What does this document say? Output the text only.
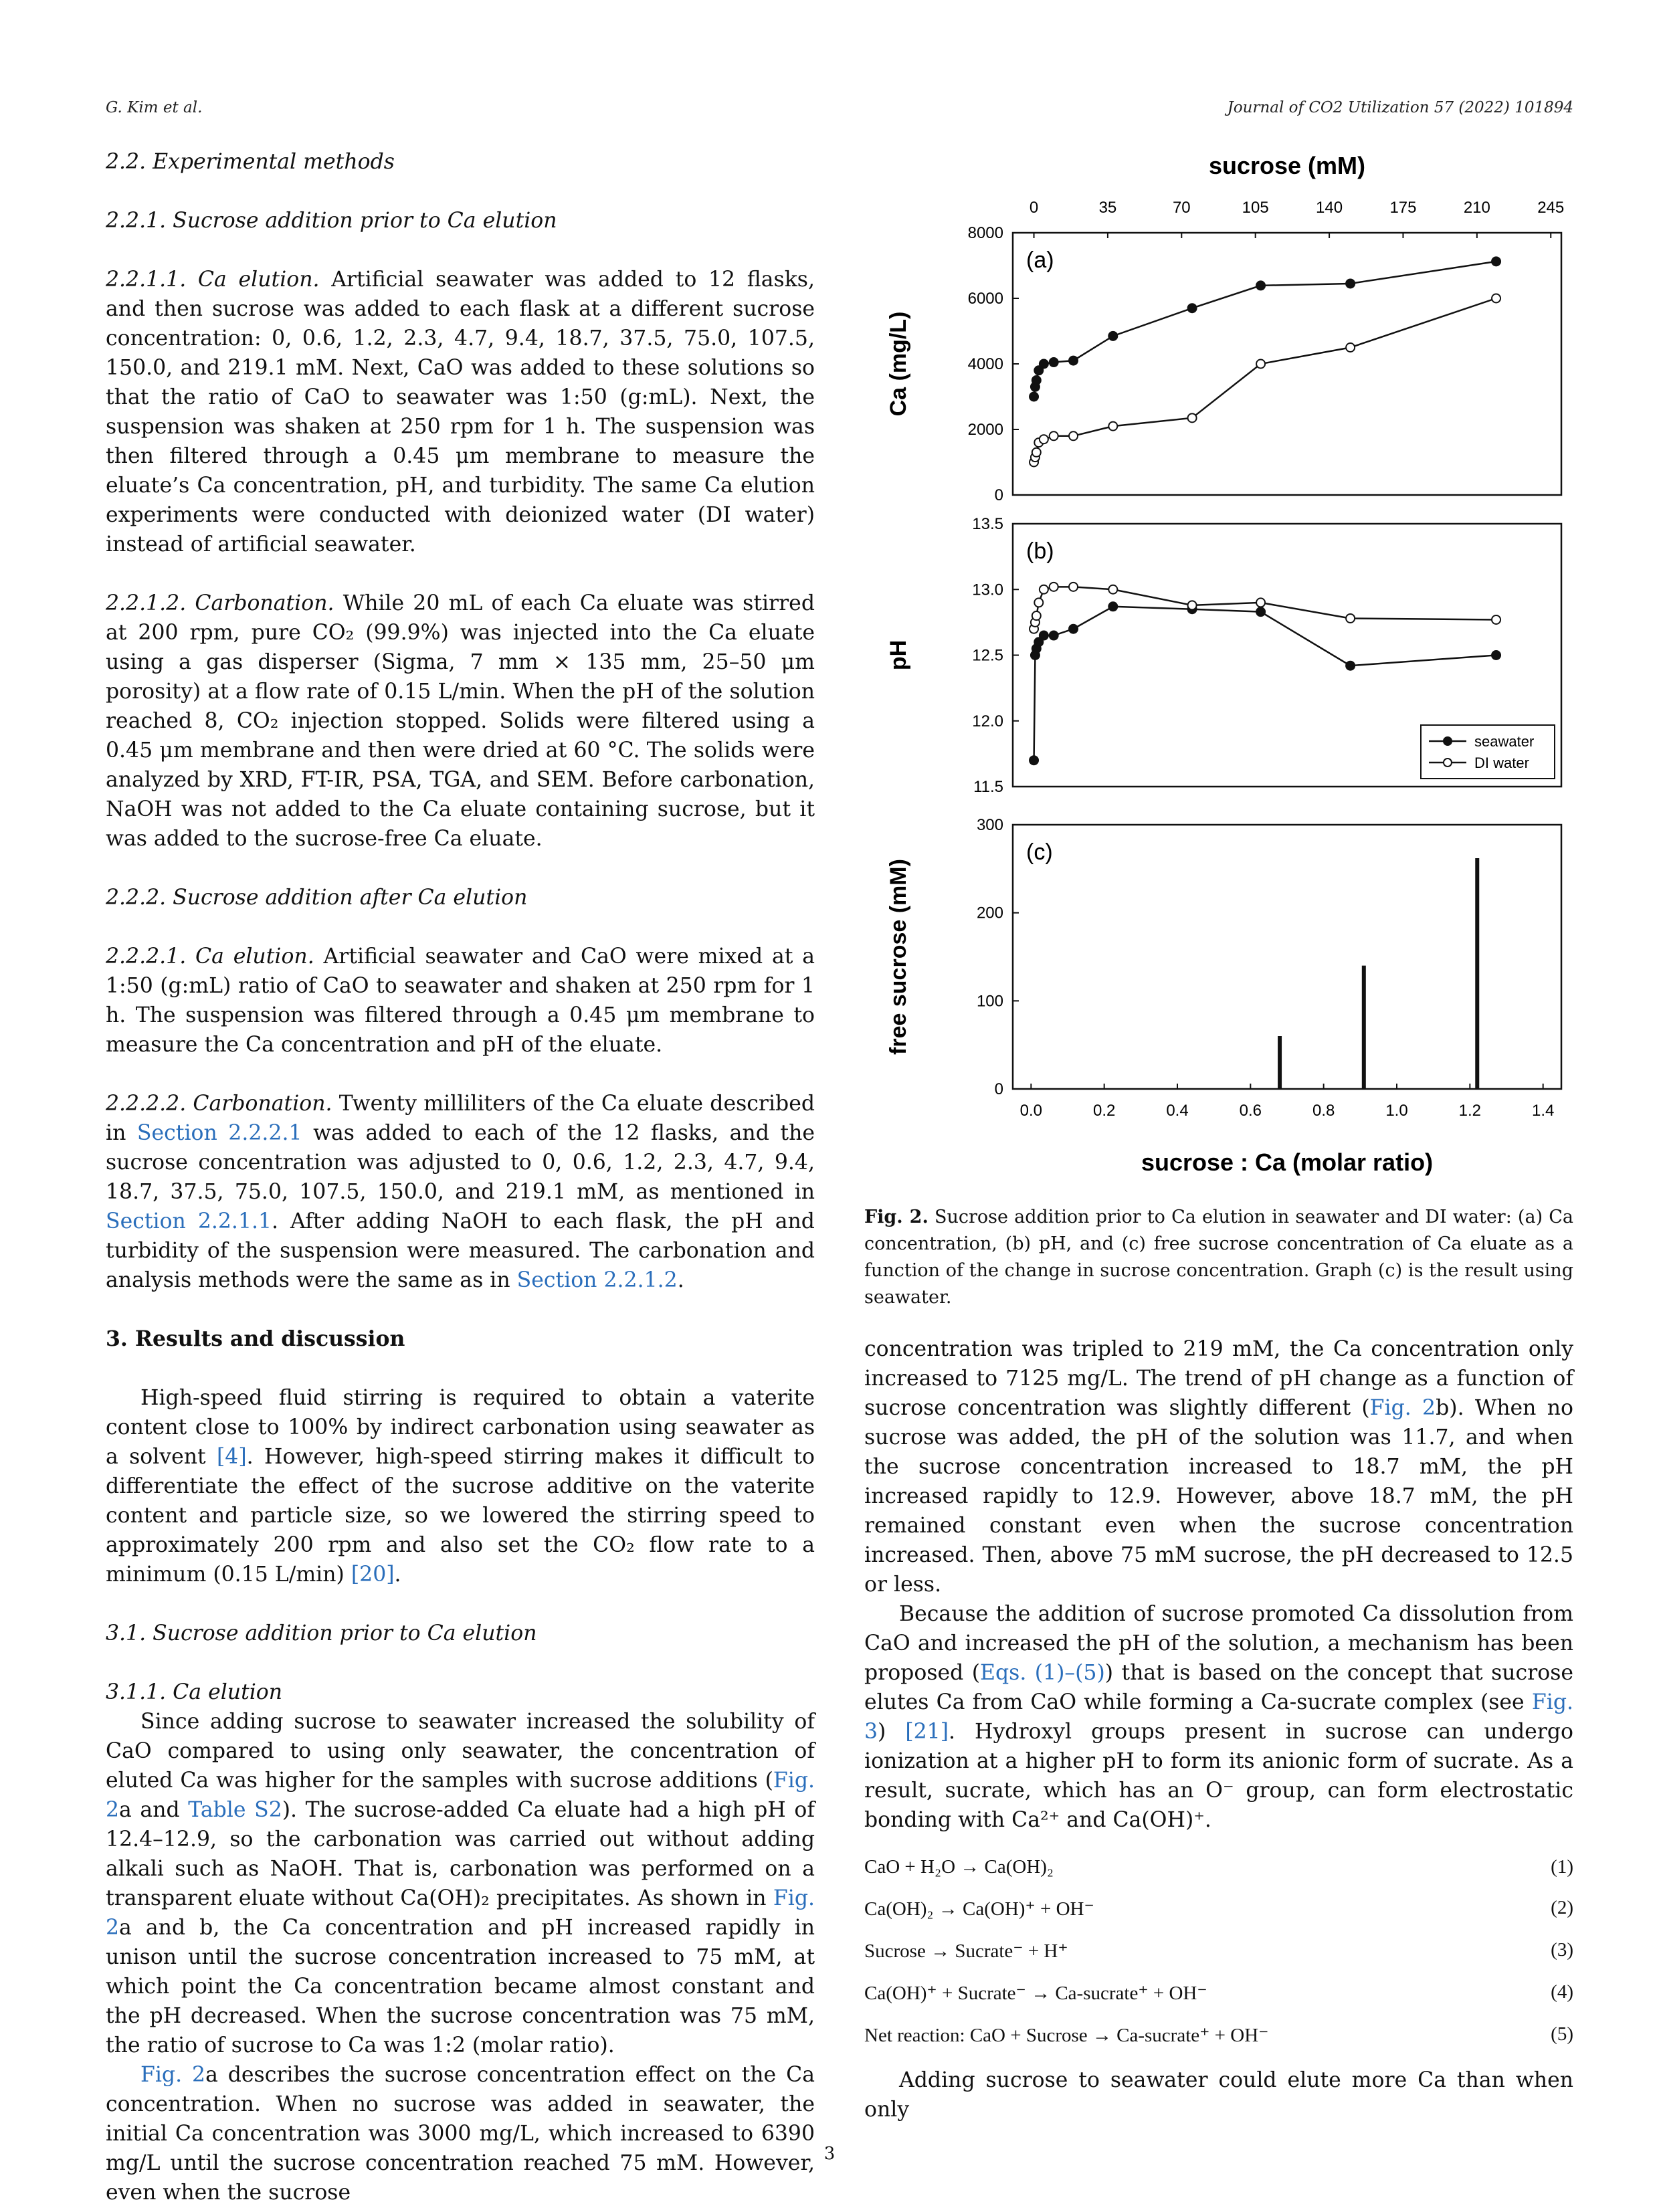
G. Kim et al.	Journal of CO2 Utilization 57 (2022) 101894

2.2. Experimental methods

2.2.1. Sucrose addition prior to Ca elution

2.2.1.1. Ca elution. Artificial seawater was added to 12 flasks, and then sucrose was added to each flask at a different sucrose concentration: 0, 0.6, 1.2, 2.3, 4.7, 9.4, 18.7, 37.5, 75.0, 107.5, 150.0, and 219.1 mM. Next, CaO was added to these solutions so that the ratio of CaO to seawater was 1:50 (g:mL). Next, the suspension was shaken at 250 rpm for 1 h. The suspension was then filtered through a 0.45 μm membrane to measure the eluate’s Ca concentration, pH, and turbidity. The same Ca elution experiments were conducted with deionized water (DI water) instead of artificial seawater.

2.2.1.2. Carbonation. While 20 mL of each Ca eluate was stirred at 200 rpm, pure CO₂ (99.9%) was injected into the Ca eluate using a gas disperser (Sigma, 7 mm × 135 mm, 25–50 μm porosity) at a flow rate of 0.15 L/min. When the pH of the solution reached 8, CO₂ injection stopped. Solids were filtered using a 0.45 μm membrane and then were dried at 60 °C. The solids were analyzed by XRD, FT-IR, PSA, TGA, and SEM. Before carbonation, NaOH was not added to the Ca eluate containing sucrose, but it was added to the sucrose-free Ca eluate.

2.2.2. Sucrose addition after Ca elution

2.2.2.1. Ca elution. Artificial seawater and CaO were mixed at a 1:50 (g:mL) ratio of CaO to seawater and shaken at 250 rpm for 1 h. The suspension was filtered through a 0.45 μm membrane to measure the Ca concentration and pH of the eluate.

2.2.2.2. Carbonation. Twenty milliliters of the Ca eluate described in Section 2.2.2.1 was added to each of the 12 flasks, and the sucrose concentration was adjusted to 0, 0.6, 1.2, 2.3, 4.7, 9.4, 18.7, 37.5, 75.0, 107.5, 150.0, and 219.1 mM, as mentioned in Section 2.2.1.1. After adding NaOH to each flask, the pH and turbidity of the suspension were measured. The carbonation and analysis methods were the same as in Section 2.2.1.2.

3. Results and discussion

High-speed fluid stirring is required to obtain a vaterite content close to 100% by indirect carbonation using seawater as a solvent [4]. However, high-speed stirring makes it difficult to differentiate the effect of the sucrose additive on the vaterite content and particle size, so we lowered the stirring speed to approximately 200 rpm and also set the CO₂ flow rate to a minimum (0.15 L/min) [20].

3.1. Sucrose addition prior to Ca elution

3.1.1. Ca elution

Since adding sucrose to seawater increased the solubility of CaO compared to using only seawater, the concentration of eluted Ca was higher for the samples with sucrose additions (Fig. 2a and Table S2). The sucrose-added Ca eluate had a high pH of 12.4–12.9, so the carbonation was carried out without adding alkali such as NaOH. That is, carbonation was performed on a transparent eluate without Ca(OH)₂ precipitates. As shown in Fig. 2a and b, the Ca concentration and pH increased rapidly in unison until the sucrose concentration increased to 75 mM, at which point the Ca concentration became almost constant and the pH decreased. When the sucrose concentration was 75 mM, the ratio of sucrose to Ca was 1:2 (molar ratio).

Fig. 2a describes the sucrose concentration effect on the Ca concentration. When no sucrose was added in seawater, the initial Ca concentration was 3000 mg/L, which increased to 6390 mg/L until the sucrose concentration reached 75 mM. However, even when the sucrose

sucrose (mM)
0	35	70	105	140	175	210	245
0
2000
4000
6000
8000
11.5
12.0
12.5
13.0
13.5
0
100
200
300
Ca (mg/L)
pH
free sucrose (mM)
(a)
(b)
(c)
seawater
DI water
0.0	0.2	0.4	0.6	0.8	1.0	1.2	1.4
sucrose : Ca (molar ratio)
Fig. 2. Sucrose addition prior to Ca elution in seawater and DI water: (a) Ca concentration, (b) pH, and (c) free sucrose concentration of Ca eluate as a function of the change in sucrose concentration. Graph (c) is the result using seawater.

concentration was tripled to 219 mM, the Ca concentration only increased to 7125 mg/L. The trend of pH change as a function of sucrose concentration was slightly different (Fig. 2b). When no sucrose was added, the pH of the solution was 11.7, and when the sucrose concentration increased to 18.7 mM, the pH increased rapidly to 12.9. However, above 18.7 mM, the pH remained constant even when the sucrose concentration increased. Then, above 75 mM sucrose, the pH decreased to 12.5 or less.

Because the addition of sucrose promoted Ca dissolution from CaO and increased the pH of the solution, a mechanism has been proposed (Eqs. (1)–(5)) that is based on the concept that sucrose elutes Ca from CaO while forming a Ca-sucrate complex (see Fig. 3) [21]. Hydroxyl groups present in sucrose can undergo ionization at a higher pH to form its anionic form of sucrate. As a result, sucrate, which has an O⁻ group, can form electrostatic bonding with Ca²⁺ and Ca(OH)⁺.

CaO + H₂O → Ca(OH)₂	(1)
Ca(OH)₂ → Ca(OH)⁺ + OH⁻	(2)
Sucrose → Sucrate⁻ + H⁺	(3)
Ca(OH)⁺ + Sucrate⁻ → Ca-sucrate⁺ + OH⁻	(4)
Net reaction: CaO + Sucrose → Ca-sucrate⁺ + OH⁻	(5)

Adding sucrose to seawater could elute more Ca than when only

3
